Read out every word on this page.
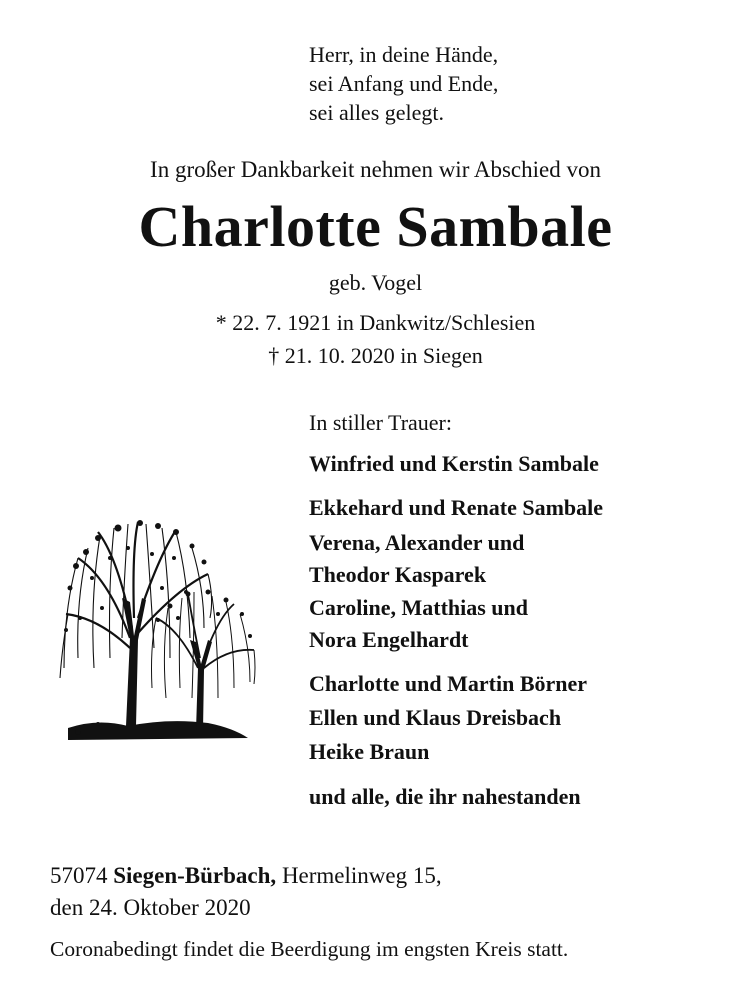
Herr, in deine Hände,
sei Anfang und Ende,
sei alles gelegt.
In großer Dankbarkeit nehmen wir Abschied von
Charlotte Sambale
geb. Vogel
* 22. 7. 1921 in Dankwitz/Schlesien
† 21. 10. 2020 in Siegen
In stiller Trauer:
Winfried und Kerstin Sambale
Ekkehard und Renate Sambale
Verena, Alexander und
Theodor Kasparek
Caroline, Matthias und
Nora Engelhardt
Charlotte und Martin Börner
Ellen und Klaus Dreisbach
Heike Braun
und alle, die ihr nahestanden
57074 Siegen-Bürbach, Hermelinweg 15,
den 24. Oktober 2020
Coronabedingt findet die Beerdigung im engsten Kreis statt.
